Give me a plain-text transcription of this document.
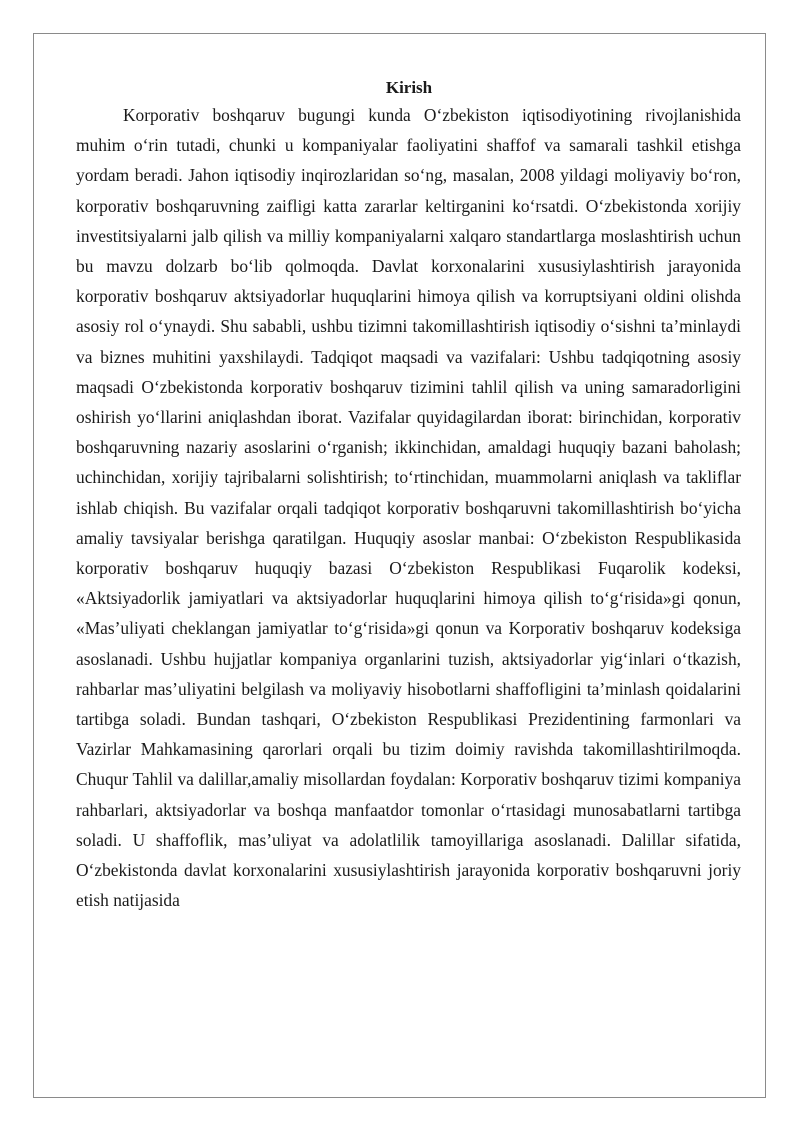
Kirish

Korporativ boshqaruv bugungi kunda O‘zbekiston iqtisodiyotining rivojlanishida muhim o‘rin tutadi, chunki u kompaniyalar faoliyatini shaffof va samarali tashkil etishga yordam beradi. Jahon iqtisodiy inqirozlaridan so‘ng, masalan, 2008 yildagi moliyaviy bo‘ron, korporativ boshqaruvning zaifligi katta zararlar keltirganini ko‘rsatdi. O‘zbekistonda xorijiy investitsiyalarni jalb qilish va milliy kompaniyalarni xalqaro standartlarga moslashtirish uchun bu mavzu dolzarb bo‘lib qolmoqda. Davlat korxonalarini xususiylashtirish jarayonida korporativ boshqaruv aktsiyadorlar huquqlarini himoya qilish va korruptsiyani oldini olishda asosiy rol o‘ynaydi. Shu sababli, ushbu tizimni takomillashtirish iqtisodiy o‘sishni ta’minlaydi va biznes muhitini yaxshilaydi. Tadqiqot maqsadi va vazifalari: Ushbu tadqiqotning asosiy maqsadi O‘zbekistonda korporativ boshqaruv tizimini tahlil qilish va uning samaradorligini oshirish yo‘llarini aniqlashdan iborat. Vazifalar quyidagilardan iborat: birinchidan, korporativ boshqaruvning nazariy asoslarini o‘rganish; ikkinchidan, amaldagi huquqiy bazani baholash; uchinchidan, xorijiy tajribalarni solishtirish; to‘rtinchidan, muammolarni aniqlash va takliflar ishlab chiqish. Bu vazifalar orqali tadqiqot korporativ boshqaruvni takomillashtirish bo‘yicha amaliy tavsiyalar berishga qaratilgan. Huquqiy asoslar manbai: O‘zbekiston Respublikasida korporativ boshqaruv huquqiy bazasi O‘zbekiston Respublikasi Fuqarolik kodeksi, «Aktsiyadorlik jamiyatlari va aktsiyadorlar huquqlarini himoya qilish to‘g‘risida»gi qonun, «Mas’uliyati cheklangan jamiyatlar to‘g‘risida»gi qonun va Korporativ boshqaruv kodeksiga asoslanadi. Ushbu hujjatlar kompaniya organlarini tuzish, aktsiyadorlar yig‘inlari o‘tkazish, rahbarlar mas’uliyatini belgilash va moliyaviy hisobotlarni shaffofligini ta’minlash qoidalarini tartibga soladi. Bundan tashqari, O‘zbekiston Respublikasi Prezidentining farmonlari va Vazirlar Mahkamasining qarorlari orqali bu tizim doimiy ravishda takomillashtirilmoqda. Chuqur Tahlil va dalillar,amaliy misollardan foydalan: Korporativ boshqaruv tizimi kompaniya rahbarlari, aktsiyadorlar va boshqa manfaatdor tomonlar o‘rtasidagi munosabatlarni tartibga soladi. U shaffoflik, mas’uliyat va adolatlilik tamoyillariga asoslanadi. Dalillar sifatida, O‘zbekistonda davlat korxonalarini xususiylashtirish jarayonida korporativ boshqaruvni joriy etish natijasida
